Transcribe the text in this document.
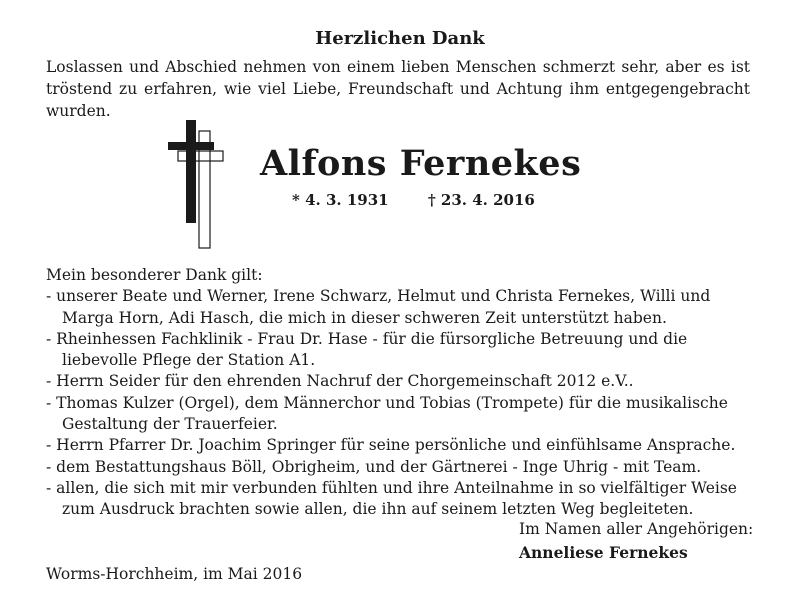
Herzlichen Dank
Loslassen und Abschied nehmen von einem lieben Menschen schmerzt sehr, aber es ist tröstend zu erfahren, wie viel Liebe, Freundschaft und Achtung ihm entgegengebracht wurden.
Alfons Fernekes
* 4. 3. 1931	† 23. 4. 2016
Mein besonderer Dank gilt:
- unserer Beate und Werner, Irene Schwarz, Helmut und Christa Fernekes, Willi und
Marga Horn, Adi Hasch, die mich in dieser schweren Zeit unterstützt haben.
- Rheinhessen Fachklinik - Frau Dr. Hase - für die fürsorgliche Betreuung und die
liebevolle Pflege der Station A1.
- Herrn Seider für den ehrenden Nachruf der Chorgemeinschaft 2012 e.V..
- Thomas Kulzer (Orgel), dem Männerchor und Tobias (Trompete) für die musikalische
Gestaltung der Trauerfeier.
- Herrn Pfarrer Dr. Joachim Springer für seine persönliche und einfühlsame Ansprache.
- dem Bestattungshaus Böll, Obrigheim, und der Gärtnerei - Inge Uhrig - mit Team.
- allen, die sich mit mir verbunden fühlten und ihre Anteilnahme in so vielfältiger Weise
zum Ausdruck brachten sowie allen, die ihn auf seinem letzten Weg begleiteten.
Im Namen aller Angehörigen:
Anneliese Fernekes
Worms-Horchheim, im Mai 2016
